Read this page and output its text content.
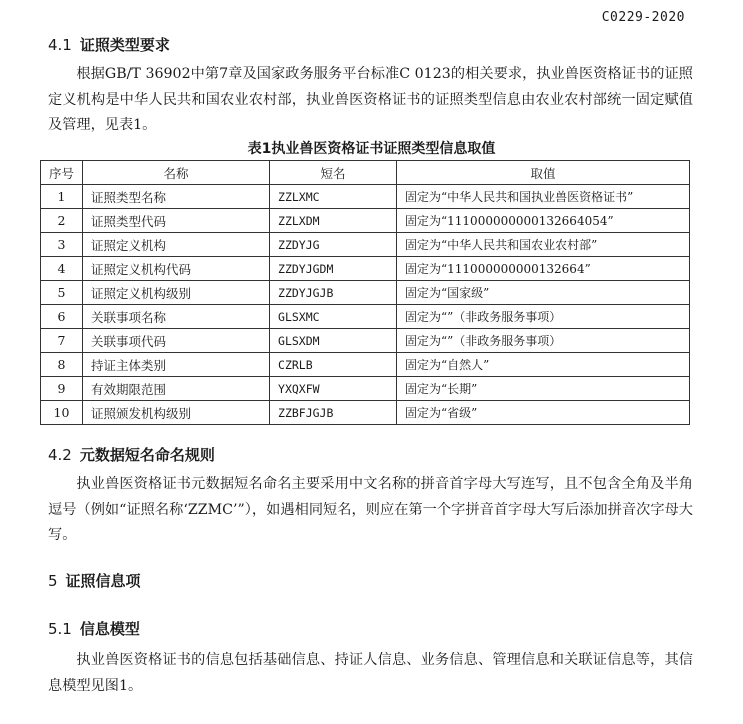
C0229-2020
4.1 证照类型要求
根据GB/T 36902中第7章及国家政务服务平台标准C 0123的相关要求，执业兽医资格证书的证照定义机构是中华人民共和国农业农村部，执业兽医资格证书的证照类型信息由农业农村部统一固定赋值及管理，见表1。
表1执业兽医资格证书证照类型信息取值
序号	名称	短名	取值
1	证照类型名称	ZZLXMC	固定为“中华人民共和国执业兽医资格证书”
2	证照类型代码	ZZLXDM	固定为“111000000000132664054”
3	证照定义机构	ZZDYJG	固定为“中华人民共和国农业农村部”
4	证照定义机构代码	ZZDYJGDM	固定为“111000000000132664”
5	证照定义机构级别	ZZDYJGJB	固定为“国家级”
6	关联事项名称	GLSXMC	固定为“”（非政务服务事项）
7	关联事项代码	GLSXDM	固定为“”（非政务服务事项）
8	持证主体类别	CZRLB	固定为“自然人”
9	有效期限范围	YXQXFW	固定为“长期”
10	证照颁发机构级别	ZZBFJGJB	固定为“省级”
4.2 元数据短名命名规则
执业兽医资格证书元数据短名命名主要采用中文名称的拼音首字母大写连写，且不包含全角及半角逗号（例如“证照名称‘ZZMC’”），如遇相同短名，则应在第一个字拼音首字母大写后添加拼音次字母大写。
5 证照信息项
5.1 信息模型
执业兽医资格证书的信息包括基础信息、持证人信息、业务信息、管理信息和关联证信息等，其信息模型见图1。
